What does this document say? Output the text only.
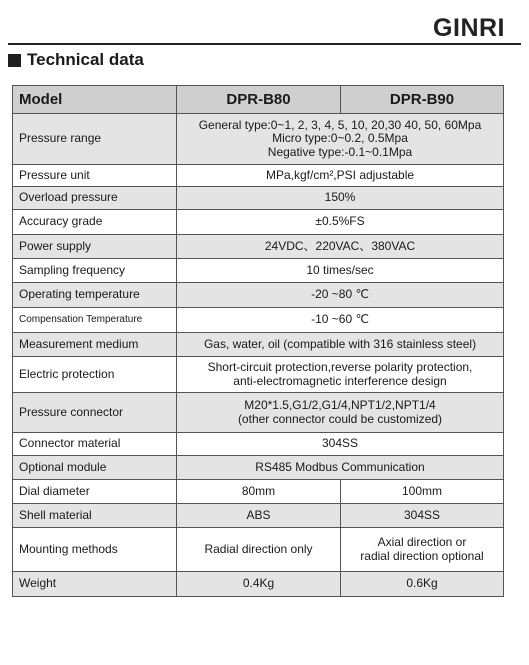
GINRI
Technical data
Model	DPR-B80	DPR-B90
Pressure range	General type:0~1, 2, 3, 4, 5, 10, 20,30 40, 50, 60Mpa
Micro type:0~0.2, 0.5Mpa
Negative type:-0.1~0.1Mpa	

Pressure unit	MPa,kgf/cm²,PSI adjustable	
Overload pressure	150%	
Accuracy grade	±0.5%FS	
Power supply	24VDC、220VAC、380VAC	
Sampling frequency	10 times/sec	
Operating temperature	-20 ~80 ℃	
Compensation Temperature	-10 ~60 ℃	
Measurement medium	Gas, water, oil (compatible with 316 stainless steel)	
Electric protection	Short-circuit protection,reverse polarity protection,
anti-electromagnetic interference design	

Pressure connector	M20*1.5,G1/2,G1/4,NPT1/2,NPT1/4
(other connector could be customized)	

Connector material	304SS	
Optional module	RS485 Modbus Communication	
Dial diameter	80mm	100mm
Shell material	ABS	304SS
Mounting methods	Radial direction only	Axial direction or
radial direction optional

Weight	0.4Kg	0.6Kg
